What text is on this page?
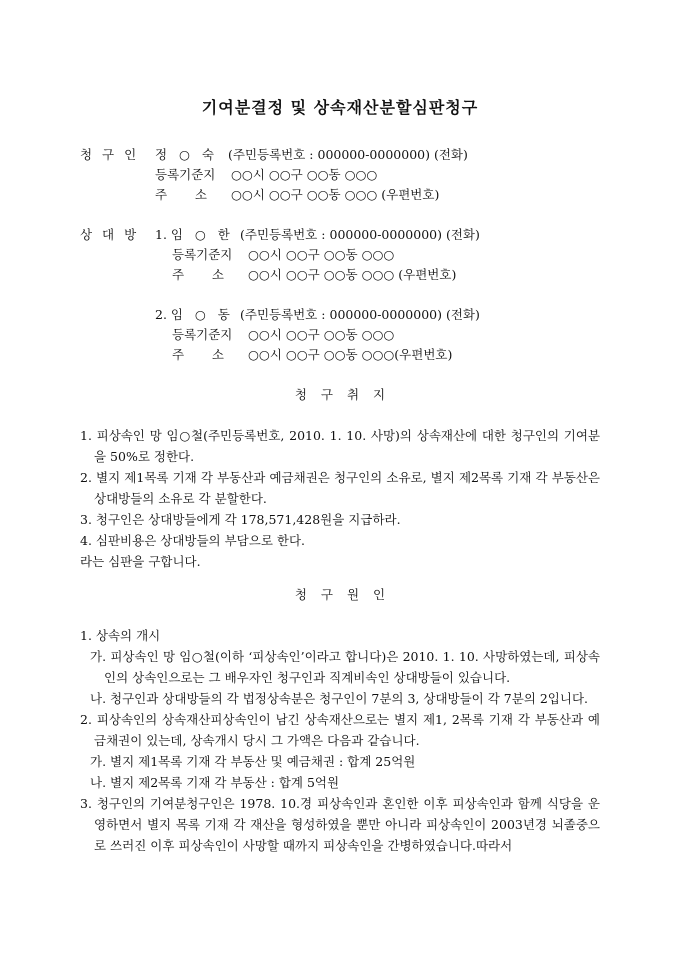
기여분결정 및 상속재산분할심판청구
청 구 인 정   ○   숙 (주민등록번호 : 000000-0000000) (전화)
등록기준지 ○○시 ○○구 ○○동 ○○○
주       소 ○○시 ○○구 ○○동 ○○○ (우편번호)
상 대 방 1. 임   ○   한 (주민등록번호 : 000000-0000000) (전화)
등록기준지 ○○시 ○○구 ○○동 ○○○
주       소 ○○시 ○○구 ○○동 ○○○ (우편번호)
2. 임   ○   동 (주민등록번호 : 000000-0000000) (전화)
등록기준지 ○○시 ○○구 ○○동 ○○○
주       소 ○○시 ○○구 ○○동 ○○○(우편번호)
청 구 취 지
1. 피상속인 망 임○철(주민등록번호, 2010. 1. 10. 사망)의 상속재산에 대한 청구인의 기여분을 50%로 정한다.
2. 별지 제1목록 기재 각 부동산과 예금채권은 청구인의 소유로, 별지 제2목록 기재 각 부동산은 상대방들의 소유로 각 분할한다.
3. 청구인은 상대방들에게 각 178,571,428원을 지급하라.
4. 심판비용은 상대방들의 부담으로 한다.
라는 심판을 구합니다.
청 구 원 인
1. 상속의 개시
가. 피상속인 망 임○철(이하 ‘피상속인’이라고 합니다)은 2010. 1. 10. 사망하였는데, 피상속인의 상속인으로는 그 배우자인 청구인과 직계비속인 상대방들이 있습니다.
나. 청구인과 상대방들의 각 법정상속분은 청구인이 7분의 3, 상대방들이 각 7분의 2입니다.
2. 피상속인의 상속재산피상속인이 남긴 상속재산으로는 별지 제1, 2목록 기재 각 부동산과 예금채권이 있는데, 상속개시 당시 그 가액은 다음과 같습니다.
가. 별지 제1목록 기재 각 부동산 및 예금채권 : 합계 25억원
나. 별지 제2목록 기재 각 부동산 : 합계 5억원
3. 청구인의 기여분청구인은 1978. 10.경 피상속인과 혼인한 이후 피상속인과 함께 식당을 운영하면서 별지 목록 기재 각 재산을 형성하였을 뿐만 아니라 피상속인이 2003년경 뇌졸중으로 쓰러진 이후 피상속인이 사망할 때까지 피상속인을 간병하였습니다.따라서
